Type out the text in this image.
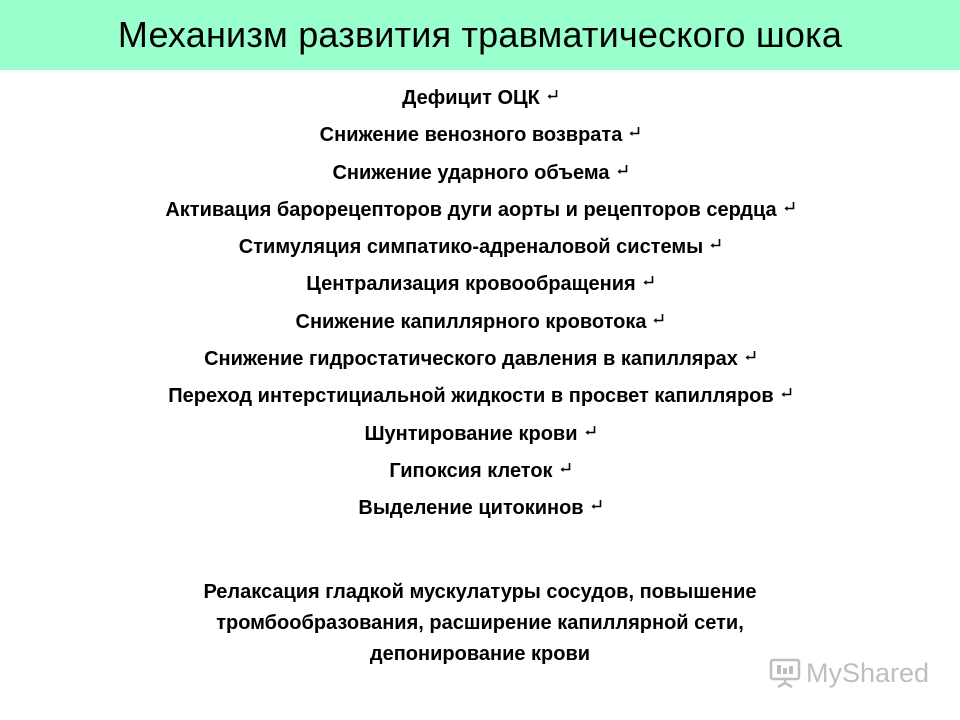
Механизм развития травматического шока
Дефицит ОЦК
Снижение венозного возврата
Снижение ударного объема
Активация барорецепторов дуги аорты и рецепторов сердца
Стимуляция симпатико-адреналовой системы
Централизация кровообращения
Снижение капиллярного кровотока
Снижение гидростатического давления в капиллярах
Переход интерстициальной жидкости в просвет капилляров
Шунтирование крови
Гипоксия клеток
Выделение цитокинов
Релаксация гладкой мускулатуры сосудов, повышение
тромбообразования, расширение капиллярной сети,
депонирование крови
MyShared
